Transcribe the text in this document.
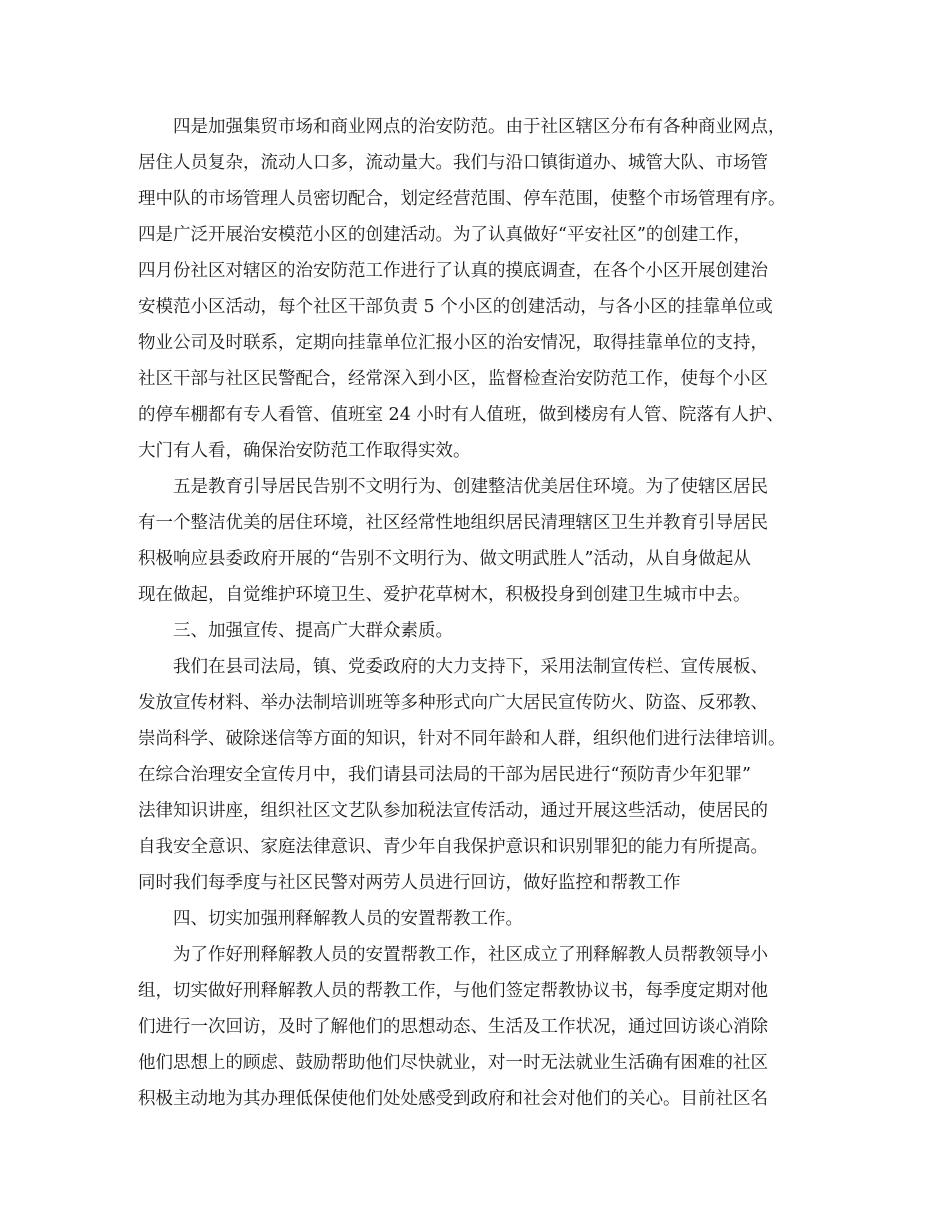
四是加强集贸市场和商业网点的治安防范。由于社区辖区分布有各种商业网点，
居住人员复杂，流动人口多，流动量大。我们与沿口镇街道办、城管大队、市场管
理中队的市场管理人员密切配合，划定经营范围、停车范围，使整个市场管理有序。
四是广泛开展治安模范小区的创建活动。为了认真做好“平安社区”的创建工作，
四月份社区对辖区的治安防范工作进行了认真的摸底调查，在各个小区开展创建治
安模范小区活动，每个社区干部负责 5 个小区的创建活动，与各小区的挂靠单位或
物业公司及时联系，定期向挂靠单位汇报小区的治安情况，取得挂靠单位的支持，
社区干部与社区民警配合，经常深入到小区，监督检查治安防范工作，使每个小区
的停车棚都有专人看管、值班室 24 小时有人值班，做到楼房有人管、院落有人护、
大门有人看，确保治安防范工作取得实效。
五是教育引导居民告别不文明行为、创建整洁优美居住环境。为了使辖区居民
有一个整洁优美的居住环境，社区经常性地组织居民清理辖区卫生并教育引导居民
积极响应县委政府开展的“告别不文明行为、做文明武胜人”活动，从自身做起从
现在做起，自觉维护环境卫生、爱护花草树木，积极投身到创建卫生城市中去。
三、加强宣传、提高广大群众素质。
我们在县司法局，镇、党委政府的大力支持下，采用法制宣传栏、宣传展板、
发放宣传材料、举办法制培训班等多种形式向广大居民宣传防火、防盗、反邪教、
崇尚科学、破除迷信等方面的知识，针对不同年龄和人群，组织他们进行法律培训。
在综合治理安全宣传月中，我们请县司法局的干部为居民进行“预防青少年犯罪”
法律知识讲座，组织社区文艺队参加税法宣传活动，通过开展这些活动，使居民的
自我安全意识、家庭法律意识、青少年自我保护意识和识别罪犯的能力有所提高。
同时我们每季度与社区民警对两劳人员进行回访，做好监控和帮教工作
四、切实加强刑释解教人员的安置帮教工作。
为了作好刑释解教人员的安置帮教工作，社区成立了刑释解教人员帮教领导小
组，切实做好刑释解教人员的帮教工作，与他们签定帮教协议书，每季度定期对他
们进行一次回访，及时了解他们的思想动态、生活及工作状况，通过回访谈心消除
他们思想上的顾虑、鼓励帮助他们尽快就业，对一时无法就业生活确有困难的社区
积极主动地为其办理低保使他们处处感受到政府和社会对他们的关心。目前社区名
